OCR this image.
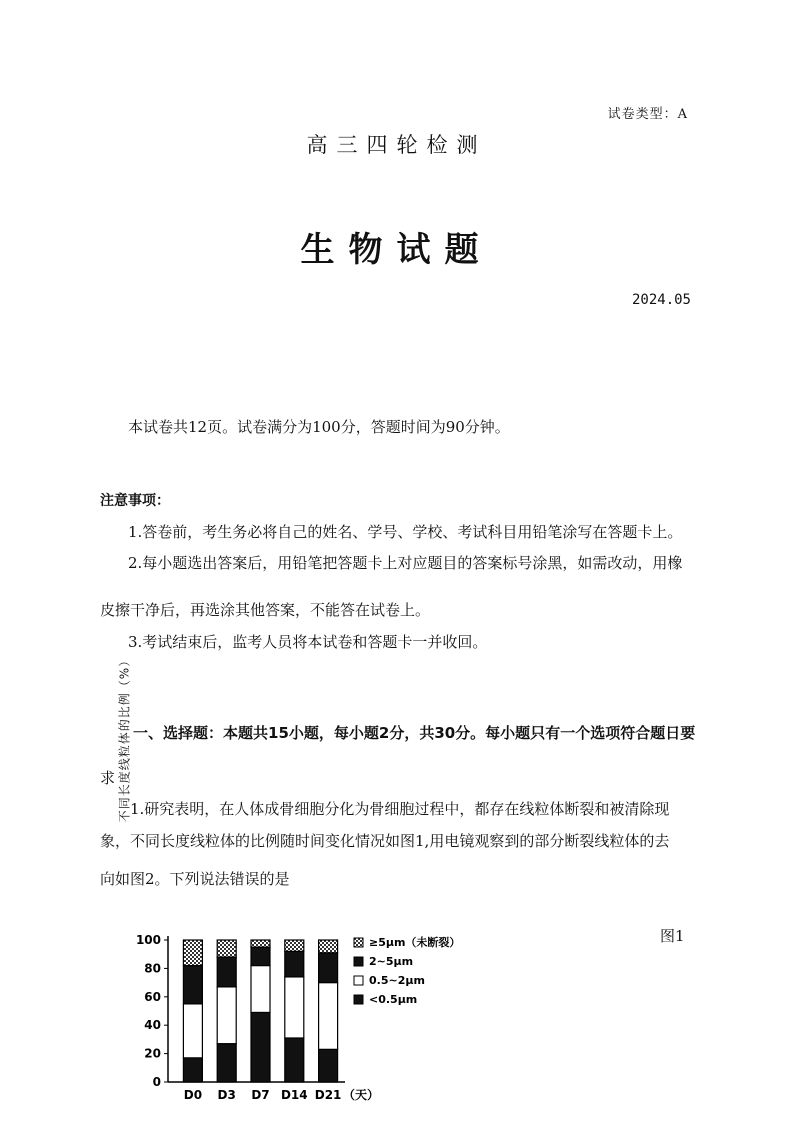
试卷类型：A
高三四轮检测
生物试题
2024.05
本试卷共12页。试卷满分为100分，答题时间为90分钟。
注意事项：
1.答卷前，考生务必将自己的姓名、学号、学校、考试科目用铅笔涂写在答题卡上。
2.每小题选出答案后，用铅笔把答题卡上对应题目的答案标号涂黑，如需改动，用橡
皮擦干净后，再选涂其他答案，不能答在试卷上。
3.考试结束后，监考人员将本试卷和答题卡一并收回。
不同长度线粒体的比例（%） 一、选择题：本题共15小题，每小题2分，共30分。每小题只有一个选项符合题日要
求
1.研究表明，在人体成骨细胞分化为骨细胞过程中，都存在线粒体断裂和被清除现
象，不同长度线粒体的比例随时间变化情况如图1,用电镜观察到的部分断裂线粒体的去
向如图2。下列说法错误的是
图1
0
20
40
60
80
100
D0 D3 D7 D14 D21 （天）
≥5μm（未断裂）
2~5μm
0.5~2μm
<0.5μm
